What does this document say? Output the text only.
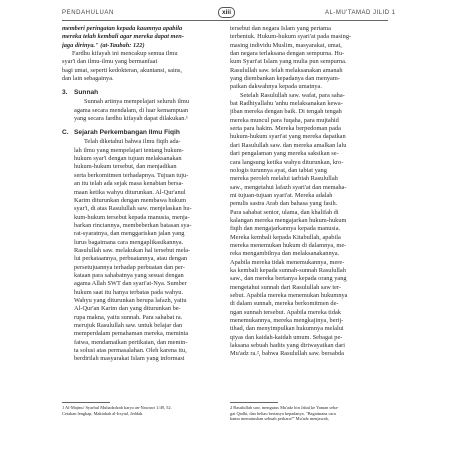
PENDAHULUAN	xiii	AL-MU'TAMAD JILID 1
memberi peringatan kepada kaumnya apabila
mereka telah kembali agar mereka dapat men-
jaga dirinya." (at-Taubah: 122)
Fardhu kifayah ini mencakup semua ilmu
syar'i dan ilmu-ilmu yang bermanfaat
bagi umat, seperti kedokteran, akuntansi, sains,
dan lain sebagainya.
3. Sunnah
Sunnah artinya mempelajari seluruh ilmu
agama secara mendalam, di luar kemampuan
yang secara fardhu kifayah dapat dilakukan.¹
C. Sejarah Perkembangan Ilmu Fiqih
Telah diketahui bahwa ilmu fiqih ada-
lah ilmu yang mempelajari tentang hukum-
hukum syar'i dengan tujuan melaksanakan
hukum-hukum tersebut, dan menjadikan
serta berkomitmen terhadapnya. Tujuan tuju-
an itu telah ada sejak masa kenabian bersa-
maan ketika wahyu diturunkan. Al-Qur'anul
Karim diturunkan dengan membawa hukum
syar'i, di atas Rasulullah saw. menjelaskan hu-
kum-hukum tersebut kepada manusia, menja-
barkan rinciannya, membeberkan batasan sya-
rat-syaratnya, dan menggariskan jalan yang
lurus bagaimana cara mengaplikasikannya.
Rasulullah saw. melakukan hal tersebut mela-
lui perkataannya, perbuatannya, atau dengan
persetujuannya terhadap perbuatan dan per-
kataan para sahabatnya yang sesuai dengan
agama Allah SWT dan syari'at-Nya. Sumber
hukum saat itu hanya terbatas pada wahyu.
Wahyu yang diturunkan berupa lafazh, yaitu
Al-Qur'an Karim dan yang diturunkan be-
rupa makna, yaitu sunnah. Para sahabat ra.
merujuk Rasulullah saw. untuk belajar dan
memperdalam pemahaman mereka, meminta
fatwa, mendamaikan pertikaian, dan memin-
ta solusi atas permasalahan. Oleh karena itu,
berdirilah masyarakat Islam yang informasi
1 Al-Majmu' Syarhul Muhadzdzab karya an-Nawawi 1/49, 52.
Cetakan lengkap, Maktabah al-Irsyad, Jeddah.
tersebut dan negara Islam yang pertama
terbentuk. Hukum-hukum syari'at pada masing-
masing individu Muslim, masyarakat, umat,
dan negara terlaksana dengan sempurna. Hu-
kum Syari'at Islam yang mulia pun sempurna.
Rasulullah saw. telah melaksanakan amanah
yang diembankan kepadanya dan menyam-
paikan dakwahnya kepada umatnya.
Setelah Rasulullah saw. wafat, para saha-
bat Radhiyallahu 'anhu melaksanakan kewa-
jiban mereka dengan baik. Di tengah tengah
mereka muncul para fuqaha, para mujtahid
serta para hakim. Mereka berpedoman pada
hukum-hukum syari'at yang mereka dapatkan
dari Rasulullah saw. dan mereka amalkan lalu
dari pengalaman yang mereka saksikan se-
cara langsung ketika wahyu diturunkan, kro-
nologis turunnya ayat, dan tabiat yang
mereka peroleh melalui tarbiah Rasulullah
saw., mengetahui lafazh syari'at dan memaha-
mi tujuan-tujuan syari'at. Mereka adalah
penulis sastra Arab dan bahasa yang fasih.
Para sahabat senior, ulama, dan khalifah di
kalangan mereka mengajarkan hukum-hukum
fiqih dan mengajarkannya kepada manusia.
Mereka kembali kepada Kitabullah, apabila
mereka menemukan hukum di dalamnya, me-
reka mengambilnya dan melaksanakannya.
Apabila mereka tidak menemukannya, mere-
ka kembali kepada sunnah-sunnah Rasulullah
saw., dan mereka bertanya kepada orang yang
mengetahui sunnah dari Rasulullah saw ter-
sebut. Apabila mereka menemukan hukumnya
di dalam sunnah, mereka berkomitmen de-
ngan sunnah tersebut. Apabila mereka tidak
menemukannya, mereka mengkajinya, berij-
tihad, dan menyimpulkan hukumnya melalui
qiyas dan kaidah-kaidah umum. Sebagai pe-
laksana sebuah hadits yang diriwayatkan dari
Mu'adz ra.², bahwa Rasulullah saw. bersabda
2 Rasulullah saw. mengutus Mu'adz bin Jabal ke Yaman seba-
gai Qadhi, dan beliau bertanya kepadanya, "Bagaimana cara
kamu memutuskan sebuah perkara?" Mu'adz menjawab,
